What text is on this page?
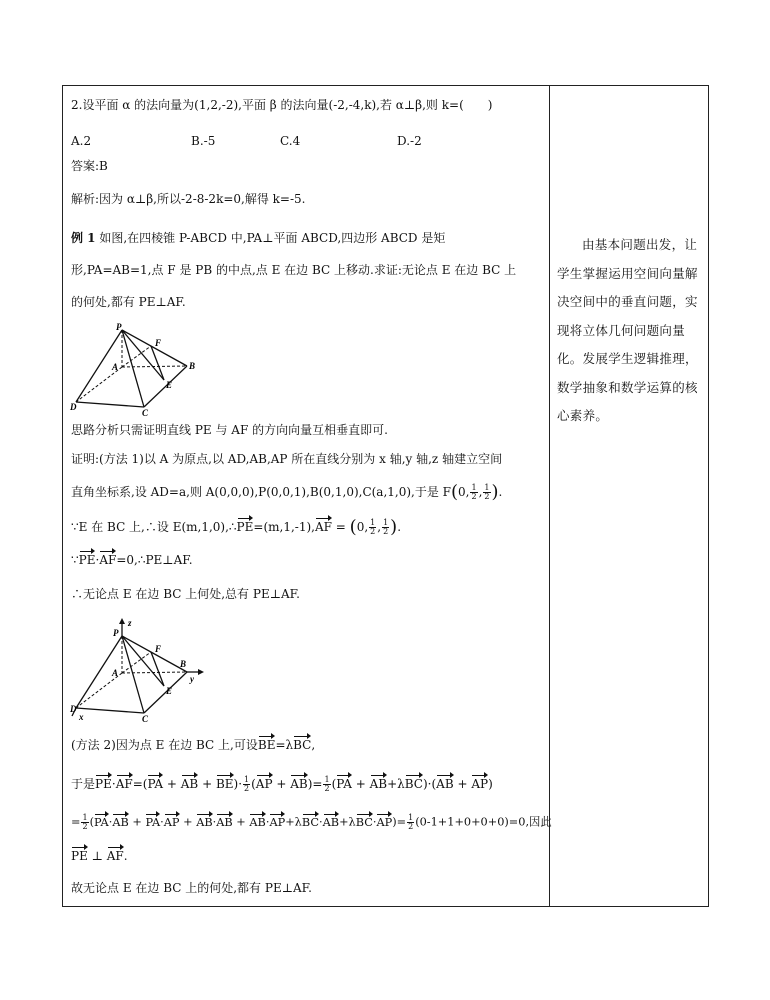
2.设平面 α 的法向量为(1,2,-2),平面 β 的法向量(-2,-4,k),若 α⊥β,则 k=(　　)
A.2	B.-5	C.4	D.-2
答案:B
解析:因为 α⊥β,所以-2-8-2k=0,解得 k=-5.
例 1 如图,在四棱锥 P-ABCD 中,PA⊥平面 ABCD,四边形 ABCD 是矩
形,PA=AB=1,点 F 是 PB 的中点,点 E 在边 BC 上移动.求证:无论点 E 在边 BC 上
的何处,都有 PE⊥AF.
P
F
A	B
E
D
C
思路分析只需证明直线 PE 与 AF 的方向向量互相垂直即可.
证明:(方法 1)以 A 为原点,以 AD,AB,AP 所在直线分别为 x 轴,y 轴,z 轴建立空间
直角坐标系,设 AD=a,则 A(0,0,0),P(0,0,1),B(0,1,0),C(a,1,0),于是 F(0, $\frac{1}{2}$ , $\frac{1}{2}$ ).
∵E 在 BC 上,∴设 E(m,1,0),∴PE=(m,1,-1),AF = (0, $\frac{1}{2}$ , $\frac{1}{2}$ ).
∵PE·AF=0,∴PE⊥AF.
∴无论点 E 在边 BC 上何处,总有 PE⊥AF.
P
z
F
A
B
y
E
D
x	C
(方法 2)因为点 E 在边 BC 上,可设BE=λBC,
于是PE·AF=(PA + AB + $BE)\cdot \frac{1}{2} (AP + AB)= \frac{1}{2} (PA + AB+\lambda BC)\cdot(AB + AP)$
= $\frac{1}{2} (PA\cdot AB + PA\cdot AP + AB\cdot AB + AB\cdot AP+\lambda BC\cdot AB+\lambda BC\cdot AP)= \frac{1}{2} (0-1+1+0+0+0)=0$,因此
PE ⊥ AF.
故无论点 E 在边 BC 上的何处,都有 PE⊥AF.
由基本问题出发，让学生掌握运用空间向量解决空间中的垂直问题，实现将立体几何问题向量化。发展学生逻辑推理，数学抽象和数学运算的核心素养。
